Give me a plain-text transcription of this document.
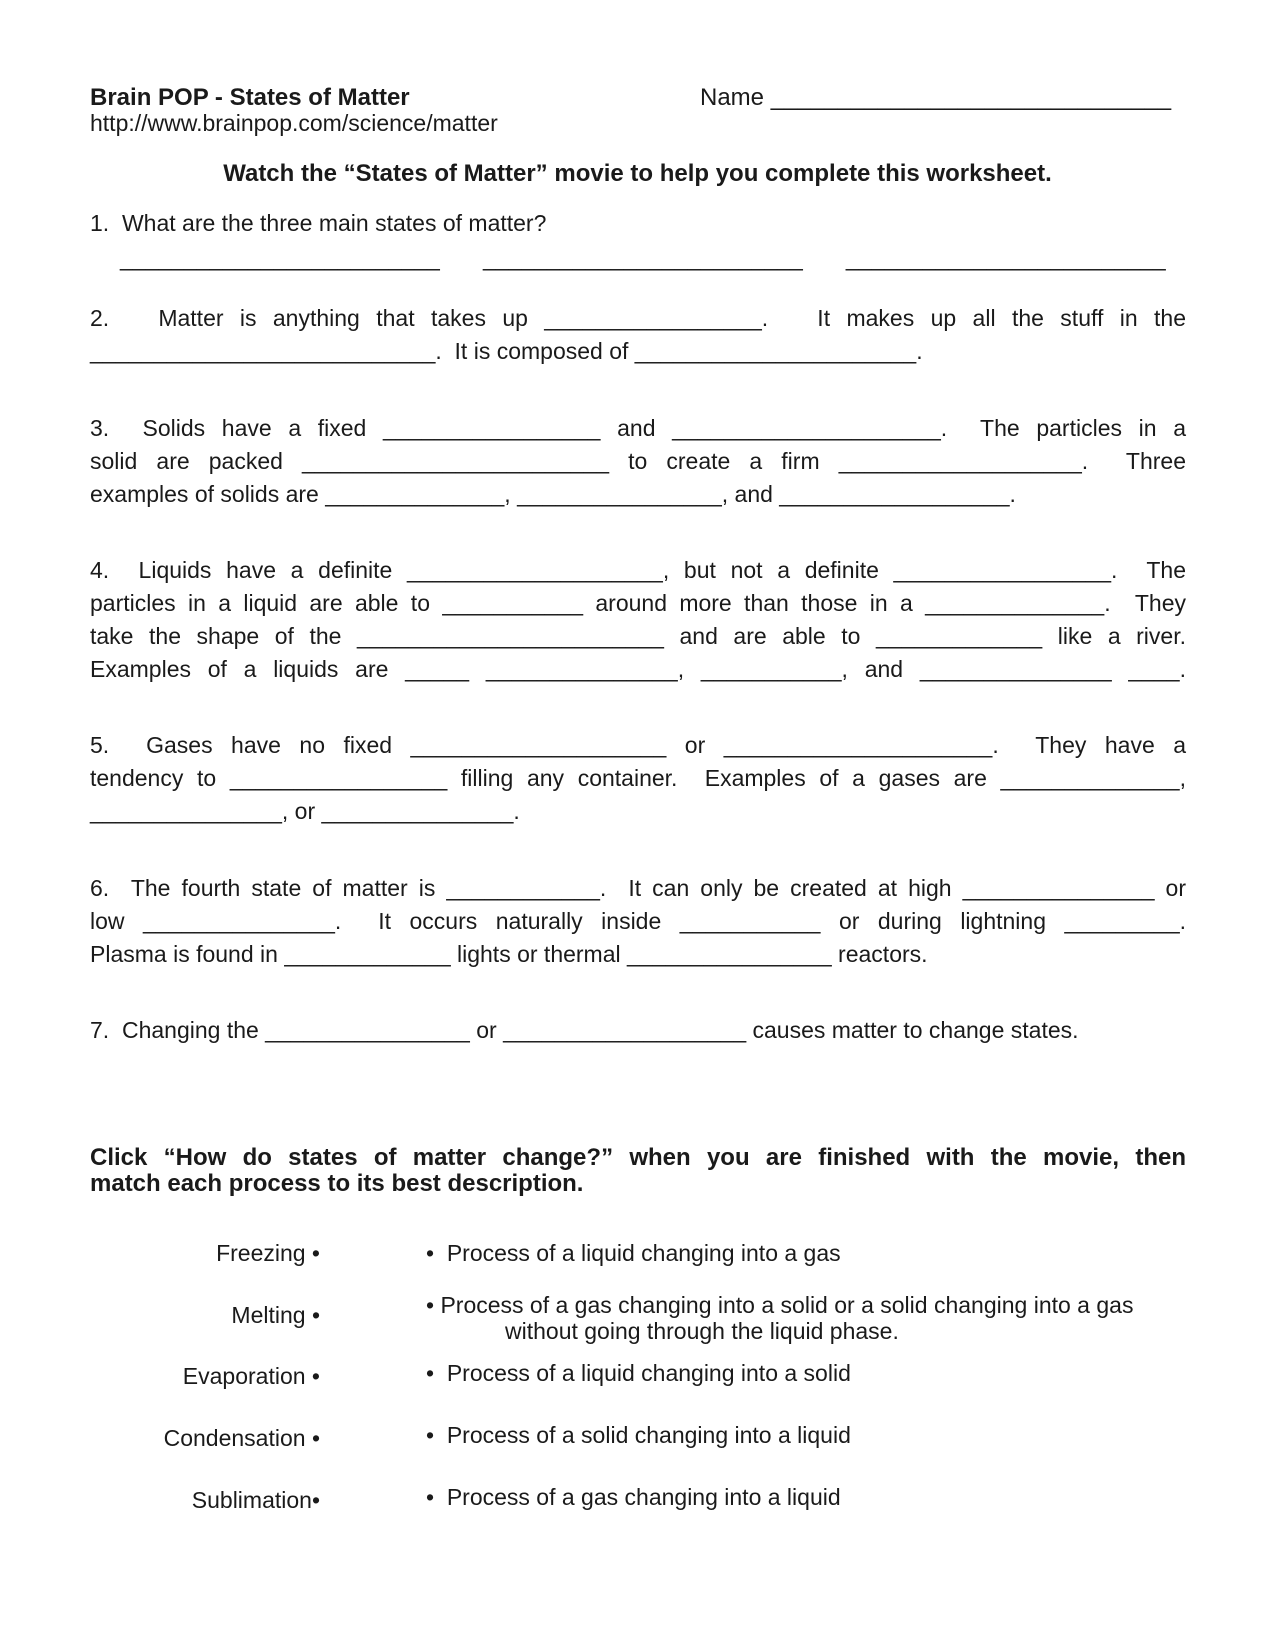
Brain POP - States of Matter
http://www.brainpop.com/science/matter
Name ______________________________
Watch the “States of Matter” movie to help you complete this worksheet.
1.  What are the three main states of matter?
_________________________   _________________________   _________________________
2.   Matter is anything that takes up _________________.   It makes up all the stuff in the
___________________________.  It is composed of ______________________.
3.  Solids have a fixed _________________ and _____________________.  The particles in a
solid are packed ________________________ to create a firm ___________________.  Three
examples of solids are ______________, ________________, and __________________.
4.  Liquids have a definite ____________________, but not a definite _________________.  The
particles in a liquid are able to ___________ around more than those in a ______________.  They
take the shape of the ________________________ and are able to _____________ like a river.
Examples of a liquids are _____ _______________, ___________, and _______________ ____.
5.  Gases have no fixed ____________________ or _____________________.  They have a
tendency to _________________ filling any container.  Examples of a gases are ______________,
_______________, or _______________.
6.  The fourth state of matter is ____________.  It can only be created at high _______________ or
low _______________.  It occurs naturally inside ___________ or during lightning _________.
Plasma is found in _____________ lights or thermal ________________ reactors.
7.  Changing the ________________ or ___________________ causes matter to change states.
Click “How do states of matter change?” when you are finished with the movie, then
match each process to its best description.
Freezing •
Melting •
Evaporation •
Condensation •
Sublimation•
•  Process of a liquid changing into a gas
• Process of a gas changing into a solid or a solid changing into a gas
without going through the liquid phase.
•  Process of a liquid changing into a solid
•  Process of a solid changing into a liquid
•  Process of a gas changing into a liquid
